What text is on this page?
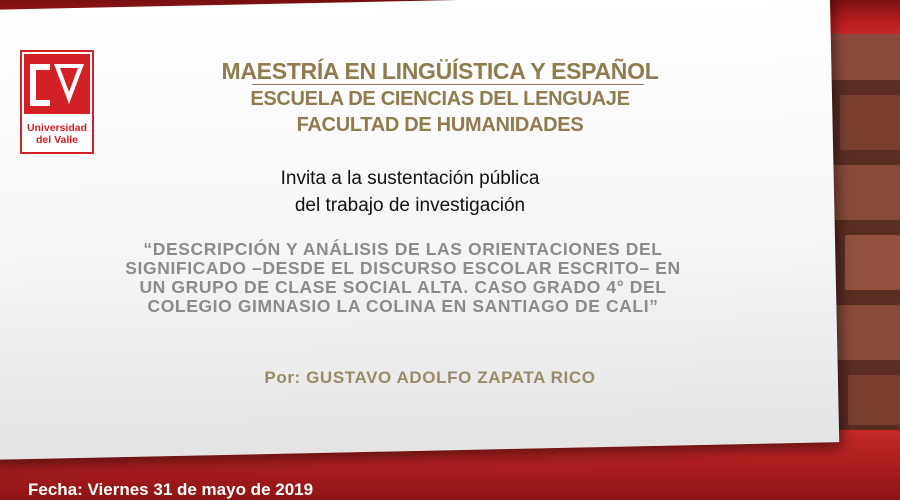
Universidad
del Valle
MAESTRÍA EN LINGÜÍSTICA Y ESPAÑOL
ESCUELA DE CIENCIAS DEL LENGUAJE
FACULTAD DE HUMANIDADES
Invita a la sustentación pública
del trabajo de investigación
“DESCRIPCIÓN Y ANÁLISIS DE LAS ORIENTACIONES DEL
SIGNIFICADO –DESDE EL DISCURSO ESCOLAR ESCRITO– EN
UN GRUPO DE CLASE SOCIAL ALTA. CASO GRADO 4° DEL
COLEGIO GIMNASIO LA COLINA EN SANTIAGO DE CALI”
Por: GUSTAVO ADOLFO ZAPATA RICO
Fecha: Viernes 31 de mayo de 2019
